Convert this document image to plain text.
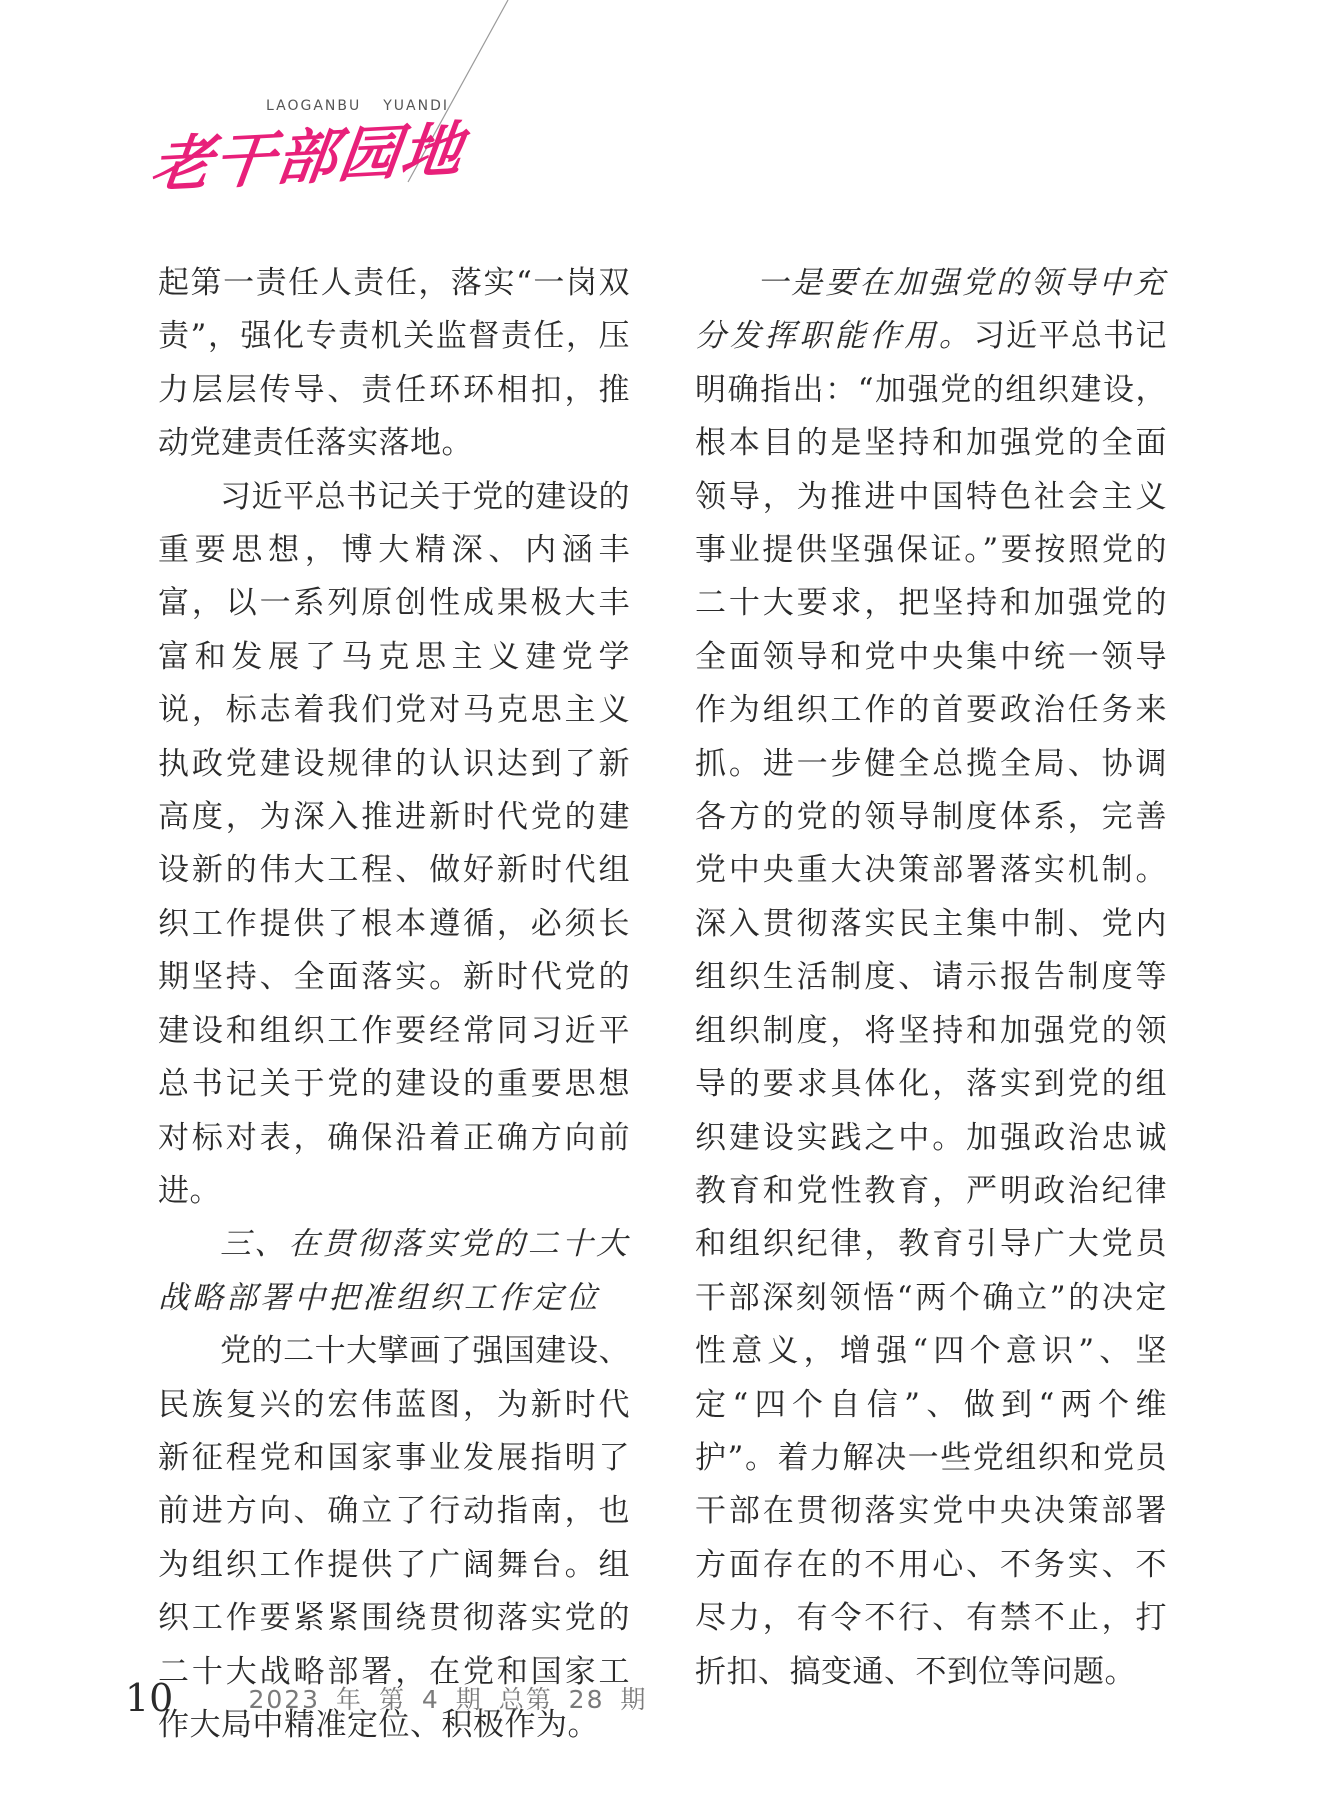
LAOGANBU YUANDI
老干部园地

起第一责任人责任，落实“一岗双责”，强化专责机关监督责任，压力层层传导、责任环环相扣，推动党建责任落实落地。

习近平总书记关于党的建设的重要思想，博大精深、内涵丰富，以一系列原创性成果极大丰富和发展了马克思主义建党学说，标志着我们党对马克思主义执政党建设规律的认识达到了新高度，为深入推进新时代党的建设新的伟大工程、做好新时代组织工作提供了根本遵循，必须长期坚持、全面落实。新时代党的建设和组织工作要经常同习近平总书记关于党的建设的重要思想对标对表，确保沿着正确方向前进。

三、在贯彻落实党的二十大战略部署中把准组织工作定位

党的二十大擘画了强国建设、民族复兴的宏伟蓝图，为新时代新征程党和国家事业发展指明了前进方向、确立了行动指南，也为组织工作提供了广阔舞台。组织工作要紧紧围绕贯彻落实党的二十大战略部署，在党和国家工作大局中精准定位、积极作为。

一是要在加强党的领导中充分发挥职能作用。习近平总书记明确指出：“加强党的组织建设，根本目的是坚持和加强党的全面领导，为推进中国特色社会主义事业提供坚强保证。”要按照党的二十大要求，把坚持和加强党的全面领导和党中央集中统一领导作为组织工作的首要政治任务来抓。进一步健全总揽全局、协调各方的党的领导制度体系，完善党中央重大决策部署落实机制。深入贯彻落实民主集中制、党内组织生活制度、请示报告制度等组织制度，将坚持和加强党的领导的要求具体化，落实到党的组织建设实践之中。加强政治忠诚教育和党性教育，严明政治纪律和组织纪律，教育引导广大党员干部深刻领悟“两个确立”的决定性意义，增强“四个意识”、坚定“四个自信”、做到“两个维护”。着力解决一些党组织和党员干部在贯彻落实党中央决策部署方面存在的不用心、不务实、不尽力，有令不行、有禁不止，打折扣、搞变通、不到位等问题。

10	2023 年 第 4 期 总第 28 期
